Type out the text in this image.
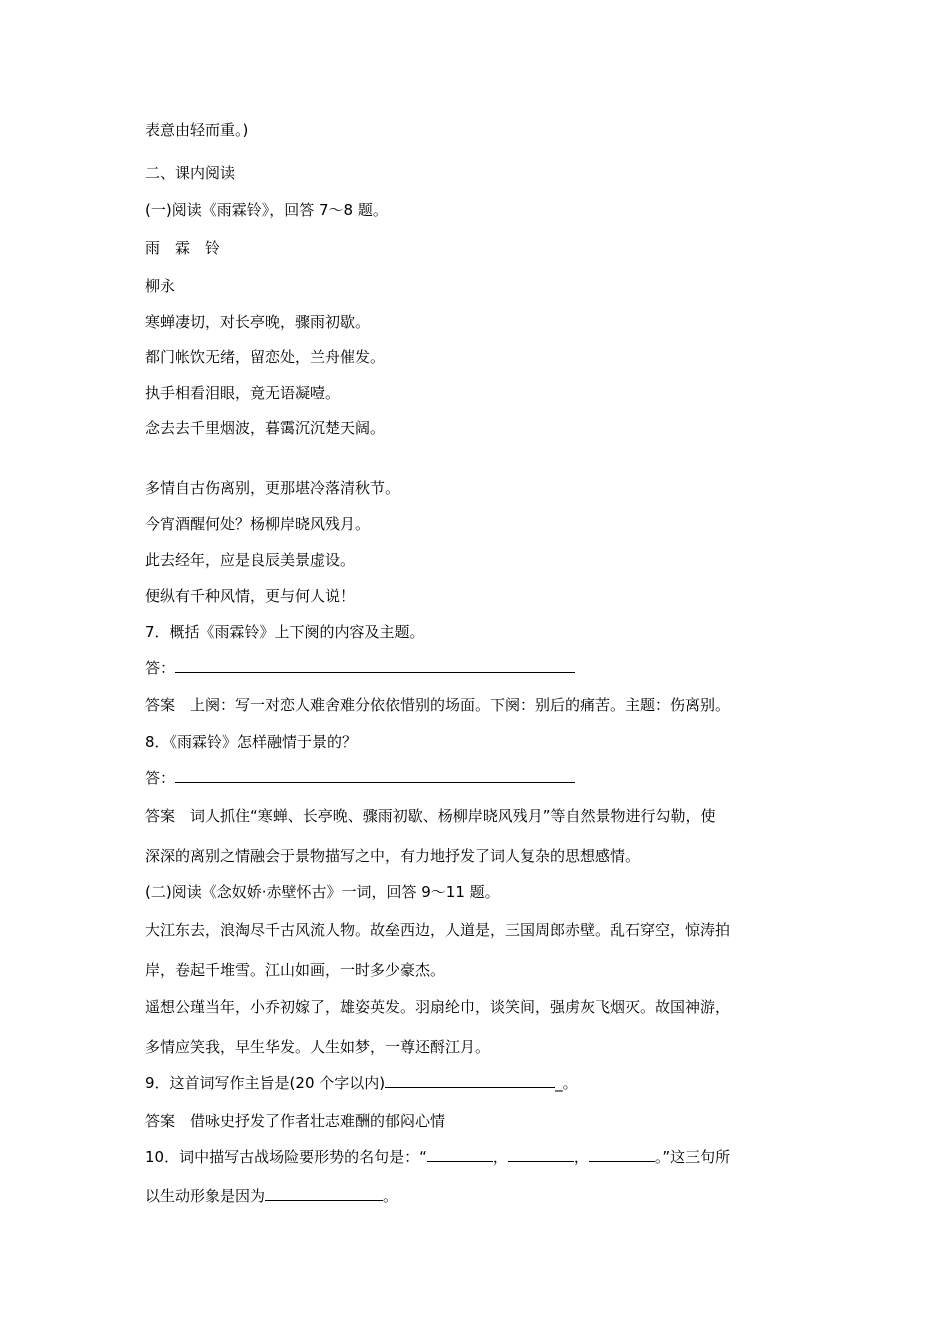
表意由轻而重。)
二、课内阅读
(一)阅读《雨霖铃》，回答 7～8 题。
雨　霖　铃
柳永
寒蝉凄切，对长亭晚，骤雨初歇。
都门帐饮无绪，留恋处，兰舟催发。
执手相看泪眼，竟无语凝噎。
念去去千里烟波，暮霭沉沉楚天阔。
多情自古伤离别，更那堪冷落清秋节。
今宵酒醒何处？杨柳岸晓风残月。
此去经年，应是良辰美景虚设。
便纵有千种风情，更与何人说！
7．概括《雨霖铃》上下阕的内容及主题。
答：
答案　上阕：写一对恋人难舍难分依依惜别的场面。下阕：别后的痛苦。主题：伤离别。
8．《雨霖铃》怎样融情于景的？
答：
答案　词人抓住“寒蝉、长亭晚、骤雨初歇、杨柳岸晓风残月”等自然景物进行勾勒，使
深深的离别之情融会于景物描写之中，有力地抒发了词人复杂的思想感情。
(二)阅读《念奴娇·赤壁怀古》一词，回答 9～11 题。
大江东去，浪淘尽千古风流人物。故垒西边，人道是，三国周郎赤壁。乱石穿空，惊涛拍
岸，卷起千堆雪。江山如画，一时多少豪杰。
遥想公瑾当年，小乔初嫁了，雄姿英发。羽扇纶巾，谈笑间，强虏灰飞烟灭。故国神游，
多情应笑我，早生华发。人生如梦，一尊还酹江月。
9．这首词写作主旨是(20 个字以内)	_。
答案　借咏史抒发了作者壮志难酬的郁闷心情
10．词中描写古战场险要形势的名句是：“	，	，	。”这三句所
以生动形象是因为	。
